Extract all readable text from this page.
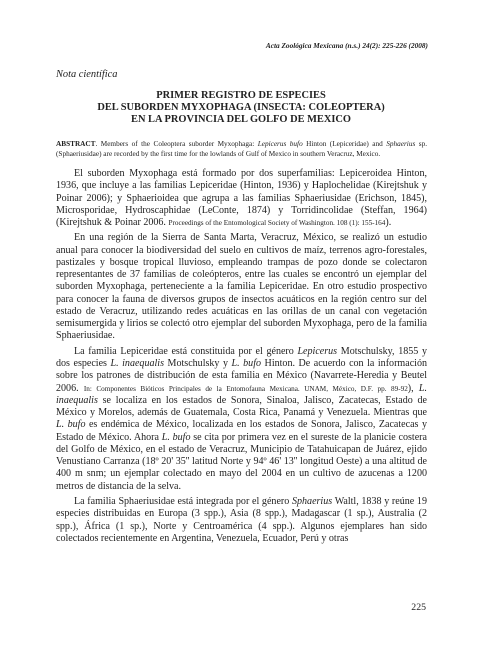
Acta Zoológica Mexicana (n.s.) 24(2): 225-226 (2008)
Nota científica
PRIMER REGISTRO DE ESPECIES
DEL SUBORDEN MYXOPHAGA (INSECTA: COLEOPTERA)
EN LA PROVINCIA DEL GOLFO DE MEXICO
ABSTRACT. Members of the Coleoptera suborder Myxophaga: Lepicerus bufo Hinton (Lepiceridae) and Sphaerius sp. (Sphaeriusidae) are recorded by the first time for the lowlands of Gulf of Mexico in southern Veracruz, Mexico.

El suborden Myxophaga está formado por dos superfamilias: Lepiceroidea Hinton, 1936, que incluye a las familias Lepiceridae (Hinton, 1936) y Haplochelidae (Kirejtshuk y Poinar 2006); y Sphaerioidea que agrupa a las familias Sphaeriusidae (Erichson, 1845), Microsporidae, Hydroscaphidae (LeConte, 1874) y Torridincolidae (Steffan, 1964) (Kirejtshuk & Poinar 2006. Proceedings of the Entomological Society of Washington. 108 (1): 155-164).

En una región de la Sierra de Santa Marta, Veracruz, México, se realizó un estudio anual para conocer la biodiversidad del suelo en cultivos de maíz, terrenos agro-forestales, pastizales y bosque tropical lluvioso, empleando trampas de pozo donde se colectaron representantes de 37 familias de coleópteros, entre las cuales se encontró un ejemplar del suborden Myxophaga, perteneciente a la familia Lepiceridae. En otro estudio prospectivo para conocer la fauna de diversos grupos de insectos acuáticos en la región centro sur del estado de Veracruz, utilizando redes acuáticas en las orillas de un canal con vegetación semisumergida y lirios se colectó otro ejemplar del suborden Myxophaga, pero de la familia Sphaeriusidae.

La familia Lepiceridae está constituida por el género Lepicerus Motschulsky, 1855 y dos especies L. inaequalis Motschulsky y L. bufo Hinton. De acuerdo con la información sobre los patrones de distribución de esta familia en México (Navarrete-Heredia y Beutel 2006. In: Componentes Bióticos Principales de la Entomofauna Mexicana. UNAM, México, D.F. pp. 89-92), L. inaequalis se localiza en los estados de Sonora, Sinaloa, Jalisco, Zacatecas, Estado de México y Morelos, además de Guatemala, Costa Rica, Panamá y Venezuela. Mientras que L. bufo es endémica de México, localizada en los estados de Sonora, Jalisco, Zacatecas y Estado de México. Ahora L. bufo se cita por primera vez en el sureste de la planicie costera del Golfo de México, en el estado de Veracruz, Municipio de Tatahuicapan de Juárez, ejido Venustiano Carranza (18º 20' 35'' latitud Norte y 94º 46' 13'' longitud Oeste) a una altitud de 400 m snm; un ejemplar colectado en mayo del 2004 en un cultivo de azucenas a 1200 metros de distancia de la selva.

La familia Sphaeriusidae está integrada por el género Sphaerius Waltl, 1838 y reúne 19 especies distribuidas en Europa (3 spp.), Asia (8 spp.), Madagascar (1 sp.), Australia (2 spp.), África (1 sp.), Norte y Centroamérica (4 spp.). Algunos ejemplares han sido colectados recientemente en Argentina, Venezuela, Ecuador, Perú y otras

225
